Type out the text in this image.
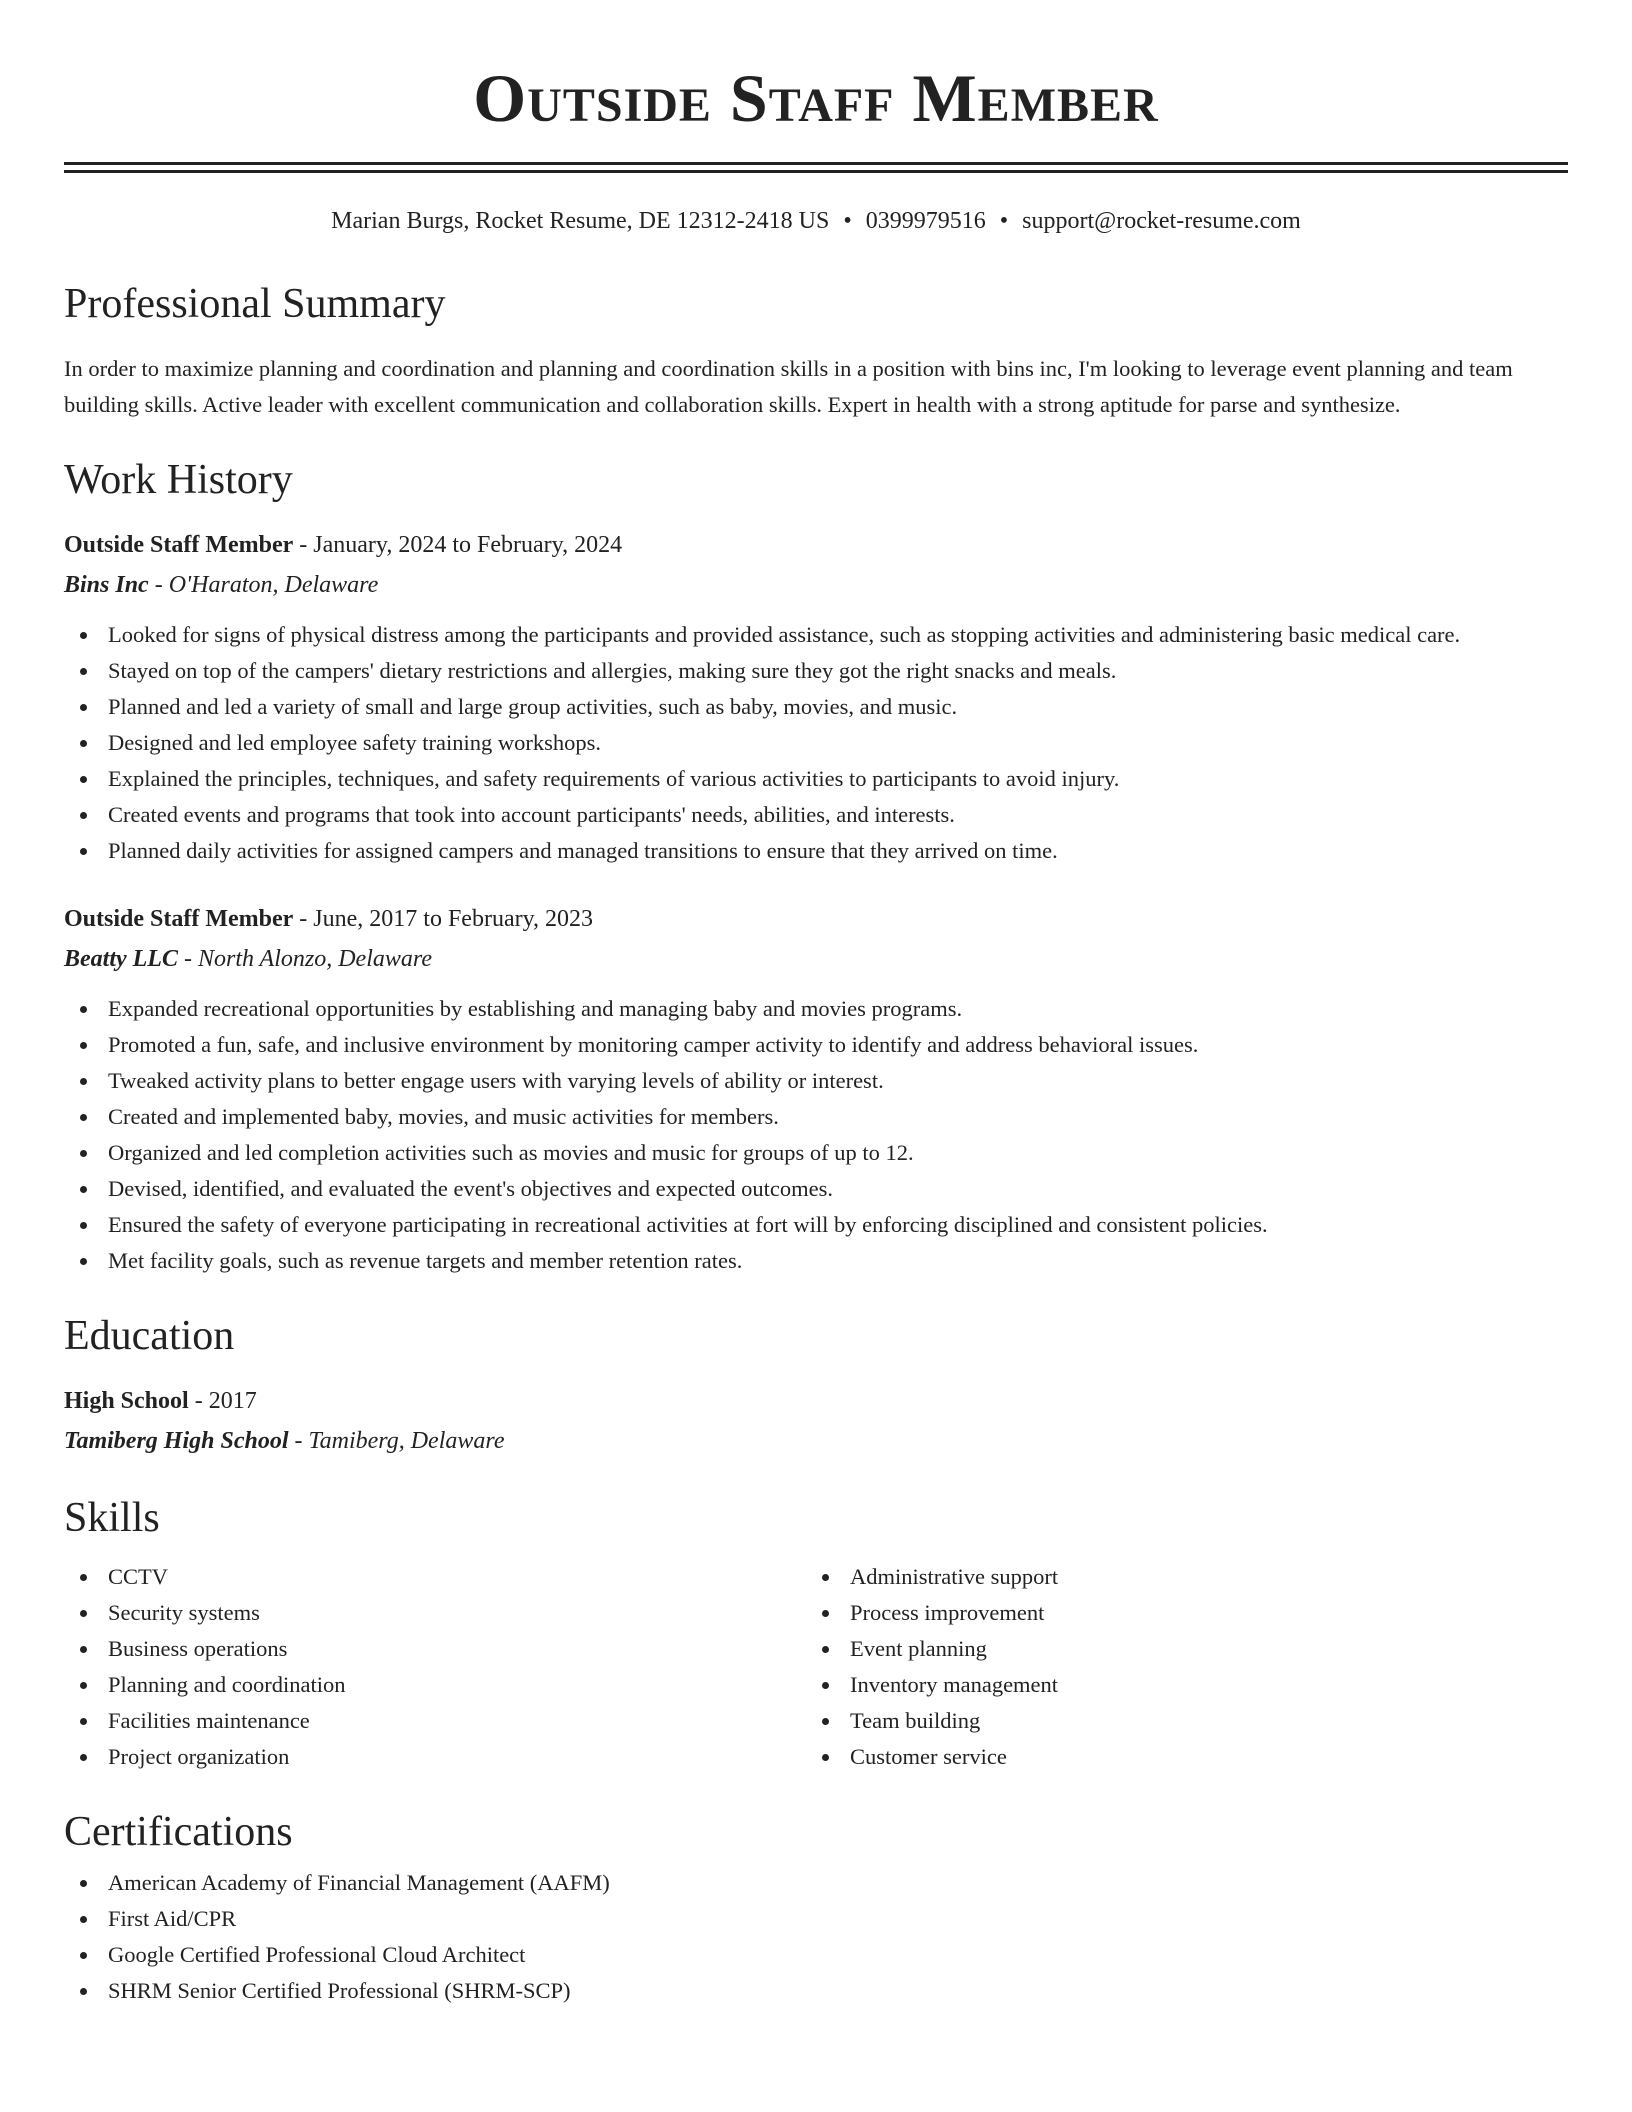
Outside Staff Member
Marian Burgs, Rocket Resume, DE 12312-2418 US • 0399979516 • support@rocket-resume.com
Professional Summary

In order to maximize planning and coordination and planning and coordination skills in a position with bins inc, I'm looking to leverage event planning and team building skills. Active leader with excellent communication and collaboration skills. Expert in health with a strong aptitude for parse and synthesize.

Work History
Outside Staff Member - January, 2024 to February, 2024
Bins Inc - O'Haraton, Delaware
Looked for signs of physical distress among the participants and provided assistance, such as stopping activities and administering basic medical care.
Stayed on top of the campers' dietary restrictions and allergies, making sure they got the right snacks and meals.
Planned and led a variety of small and large group activities, such as baby, movies, and music.
Designed and led employee safety training workshops.
Explained the principles, techniques, and safety requirements of various activities to participants to avoid injury.
Created events and programs that took into account participants' needs, abilities, and interests.
Planned daily activities for assigned campers and managed transitions to ensure that they arrived on time.
Outside Staff Member - June, 2017 to February, 2023
Beatty LLC - North Alonzo, Delaware
Expanded recreational opportunities by establishing and managing baby and movies programs.
Promoted a fun, safe, and inclusive environment by monitoring camper activity to identify and address behavioral issues.
Tweaked activity plans to better engage users with varying levels of ability or interest.
Created and implemented baby, movies, and music activities for members.
Organized and led completion activities such as movies and music for groups of up to 12.
Devised, identified, and evaluated the event's objectives and expected outcomes.
Ensured the safety of everyone participating in recreational activities at fort will by enforcing disciplined and consistent policies.
Met facility goals, such as revenue targets and member retention rates.
Education
High School - 2017
Tamiberg High School - Tamiberg, Delaware
Skills
CCTV
Security systems
Business operations
Planning and coordination
Facilities maintenance
Project organization
Administrative support
Process improvement
Event planning
Inventory management
Team building
Customer service
Certifications
American Academy of Financial Management (AAFM)
First Aid/CPR
Google Certified Professional Cloud Architect
SHRM Senior Certified Professional (SHRM-SCP)
